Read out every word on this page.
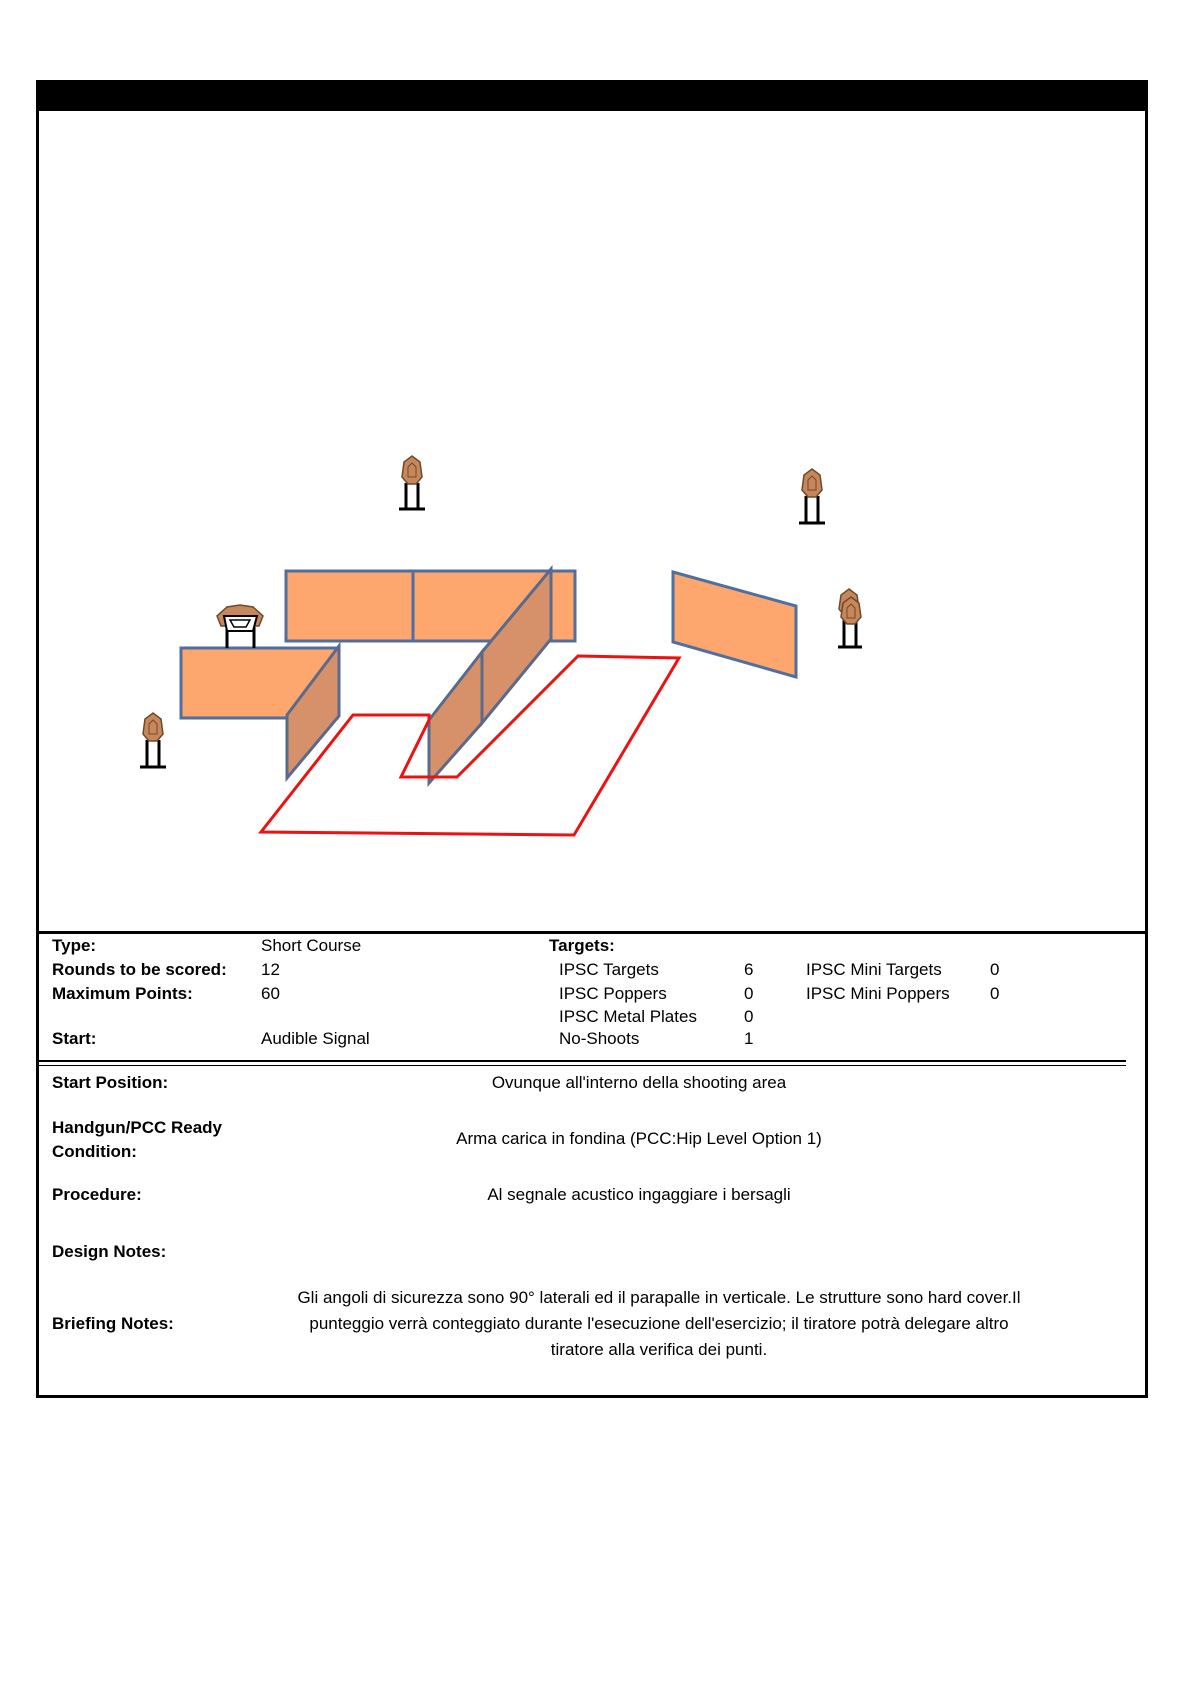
Type:	Short Course
Rounds to be scored: 12
Maximum Points:	60
Start:	Audible Signal
Targets:
IPSC Targets	6
IPSC Poppers	0
IPSC Metal Plates	0
No-Shoots	1
IPSC Mini Targets	0
IPSC Mini Poppers 0
Start Position:	Ovunque all'interno della shooting area
Handgun/PCC Ready
Condition:
Arma carica in fondina (PCC:Hip Level Option 1)
Procedure:	Al segnale acustico ingaggiare i bersagli
Design Notes:
Briefing Notes:
Gli angoli di sicurezza sono 90° laterali ed il parapalle in verticale. Le strutture sono hard cover.Il
punteggio verrà conteggiato durante l'esecuzione dell'esercizio; il tiratore potrà delegare altro
tiratore alla verifica dei punti.
